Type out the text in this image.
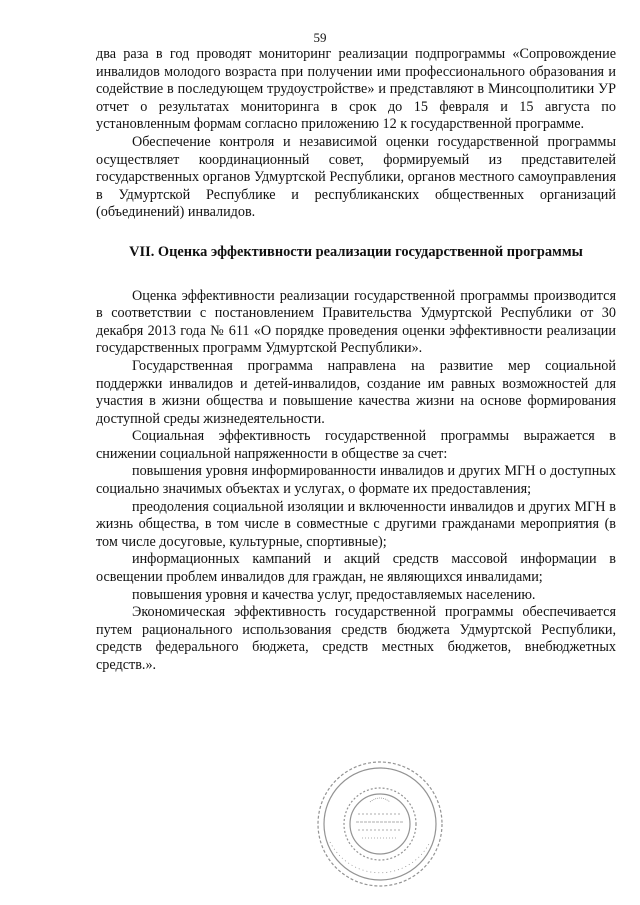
59

два раза в год проводят мониторинг реализации подпрограммы «Сопровождение инвалидов молодого возраста при получении ими профессионального образования и содействие в последующем трудоустройстве» и представляют в Минсоцполитики УР отчет о результатах мониторинга в срок до 15 февраля и 15 августа по установленным формам согласно приложению 12 к государственной программе.

Обеспечение контроля и независимой оценки государственной программы осуществляет координационный совет, формируемый из представителей государственных органов Удмуртской Республики, органов местного самоуправления в Удмуртской Республике и республиканских общественных организаций (объединений) инвалидов.

VII. Оценка эффективности реализации государственной программы

Оценка эффективности реализации государственной программы производится в соответствии с постановлением Правительства Удмуртской Республики от 30 декабря 2013 года № 611 «О порядке проведения оценки эффективности реализации государственных программ Удмуртской Республики».

Государственная программа направлена на развитие мер социальной поддержки инвалидов и детей-инвалидов, создание им равных возможностей для участия в жизни общества и повышение качества жизни на основе формирования доступной среды жизнедеятельности.

Социальная эффективность государственной программы выражается в снижении социальной напряженности в обществе за счет:

повышения уровня информированности инвалидов и других МГН о доступных социально значимых объектах и услугах, о формате их предоставления;

преодоления социальной изоляции и включенности инвалидов и других МГН в жизнь общества, в том числе в совместные с другими гражданами мероприятия (в том числе досуговые, культурные, спортивные);

информационных кампаний и акций средств массовой информации в освещении проблем инвалидов для граждан, не являющихся инвалидами;

повышения уровня и качества услуг, предоставляемых населению.

Экономическая эффективность государственной программы обеспечивается путем рационального использования средств бюджета Удмуртской Республики, средств федерального бюджета, средств местных бюджетов, внебюджетных средств.».
